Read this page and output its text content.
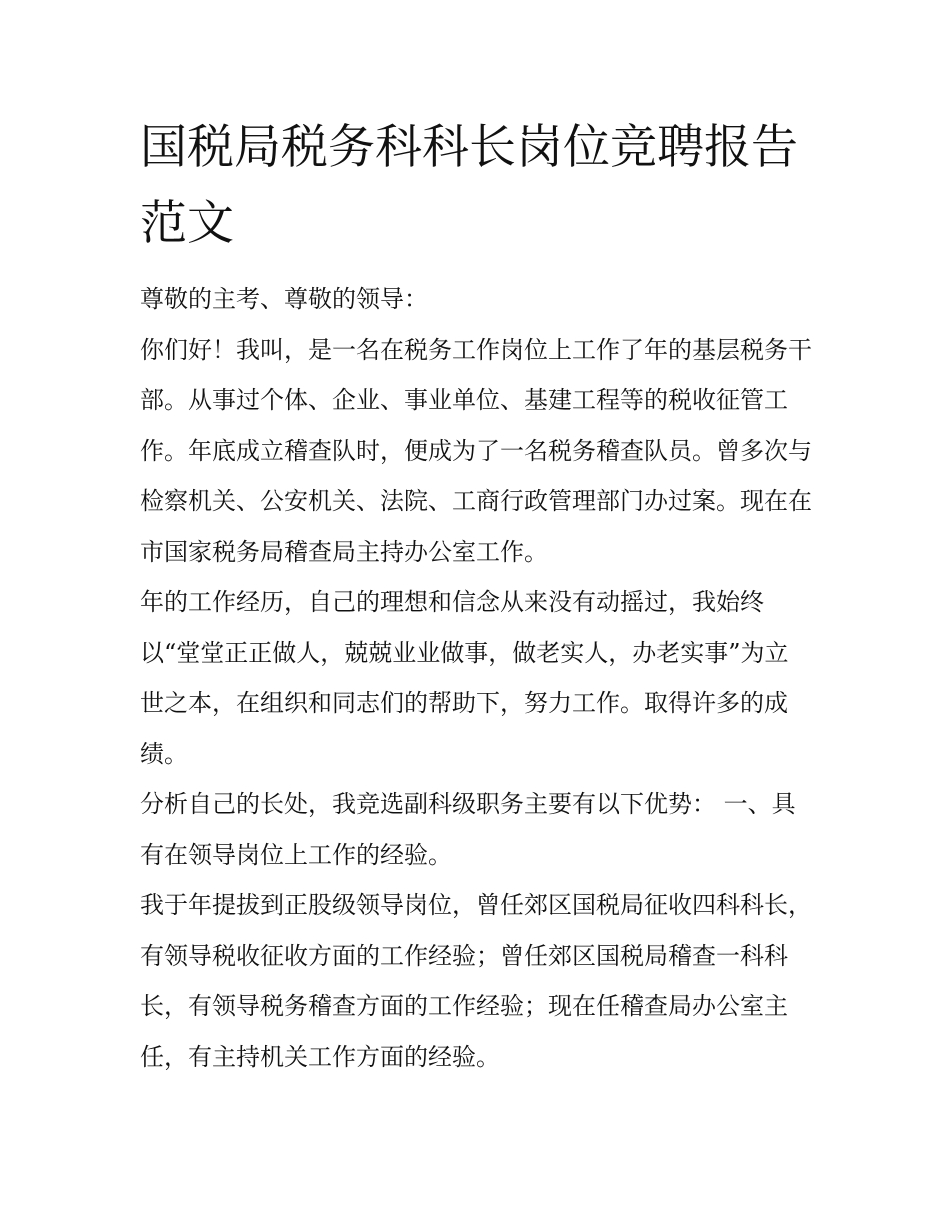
国税局税务科科长岗位竞聘报告范文

尊敬的主考、尊敬的领导：

你们好！我叫，是一名在税务工作岗位上工作了年的基层税务干部。从事过个体、企业、事业单位、基建工程等的税收征管工作。年底成立稽查队时，便成为了一名税务稽查队员。曾多次与检察机关、公安机关、法院、工商行政管理部门办过案。现在在市国家税务局稽查局主持办公室工作。

年的工作经历，自己的理想和信念从来没有动摇过，我始终以“堂堂正正做人，兢兢业业做事，做老实人，办老实事”为立世之本，在组织和同志们的帮助下，努力工作。取得许多的成绩。

分析自己的长处，我竞选副科级职务主要有以下优势： 一、具有在领导岗位上工作的经验。

我于年提拔到正股级领导岗位，曾任郊区国税局征收四科科长，有领导税收征收方面的工作经验；曾任郊区国税局稽查一科科长，有领导税务稽查方面的工作经验；现在任稽查局办公室主任，有主持机关工作方面的经验。
